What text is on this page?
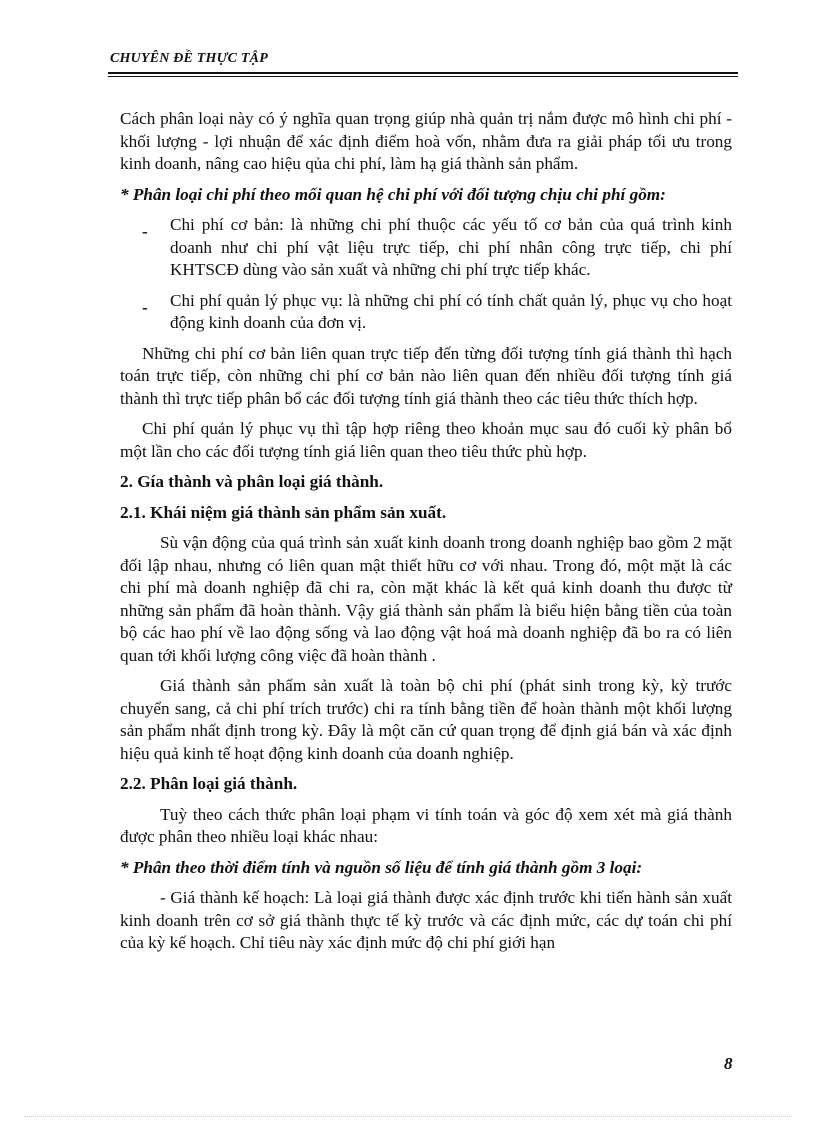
CHUYÊN ĐỀ THỰC TẬP

Cách phân loại này có ý nghĩa quan trọng giúp nhà quản trị nắm được mô hình chi phí - khối lượng - lợi nhuận để xác định điểm hoà vốn, nhằm đưa ra giải pháp tối ưu trong kinh doanh, nâng cao hiệu qủa chi phí, làm hạ giá thành sản phẩm.

* Phân loại chi phí theo mối quan hệ chi phí với đối tượng chịu chi phí gồm:

- Chi phí cơ bản: là những chi phí thuộc các yếu tố cơ bản của quá trình kinh doanh như chi phí vật liệu trực tiếp, chi phí nhân công trực tiếp, chi phí KHTSCĐ dùng vào sản xuất và những chi phí trực tiếp khác.

- Chi phí quản lý phục vụ: là những chi phí có tính chất quản lý, phục vụ cho hoạt động kinh doanh của đơn vị.

Những chi phí cơ bản liên quan trực tiếp đến từng đối tượng tính giá thành thì hạch toán trực tiếp, còn những chi phí cơ bản nào liên quan đến nhiều đối tượng tính giá thành thì trực tiếp phân bổ các đối tượng tính giá thành theo các tiêu thức thích hợp.

Chi phí quản lý phục vụ thì tập hợp riêng theo khoản mục sau đó cuối kỳ phân bổ một lần cho các đối tượng tính giá liên quan theo tiêu thức phù hợp.

2. Gía thành và phân loại giá thành.

2.1. Khái niệm giá thành sản phẩm sản xuất.

Sù vận động của quá trình sản xuất kinh doanh trong doanh nghiệp bao gồm 2 mặt đối lập nhau, nhưng có liên quan mật thiết hữu cơ với nhau. Trong đó, một mặt là các chi phí mà doanh nghiệp đã chi ra, còn mặt khác là kết quả kinh doanh thu được từ những sản phẩm đã hoàn thành. Vậy giá thành sản phẩm là biểu hiện bằng tiền của toàn bộ các hao phí về lao động sống và lao động vật hoá mà doanh nghiệp đã bo ra có liên quan tới khối lượng công việc đã hoàn thành .

Giá thành sản phẩm sản xuất là toàn bộ chi phí (phát sinh trong kỳ, kỳ trước chuyển sang, cả chi phí trích trước) chi ra tính bằng tiền để hoàn thành một khối lượng sản phẩm nhất định trong kỳ. Đây là một căn cứ quan trọng để định giá bán và xác định hiệu quả kinh tế hoạt động kinh doanh của doanh nghiệp.

2.2. Phân loại giá thành.

Tuỳ theo cách thức phân loại phạm vi tính toán và góc độ xem xét mà giá thành được phân theo nhiều loại khác nhau:

* Phân theo thời điểm tính và nguồn số liệu để tính giá thành gồm 3 loại:

- Giá thành kế hoạch: Là loại giá thành được xác định trước khi tiến hành sản xuất kinh doanh trên cơ sở giá thành thực tế kỳ trước và các định mức, các dự toán chi phí của kỳ kế hoạch. Chỉ tiêu này xác định mức độ chi phí giới hạn

8
